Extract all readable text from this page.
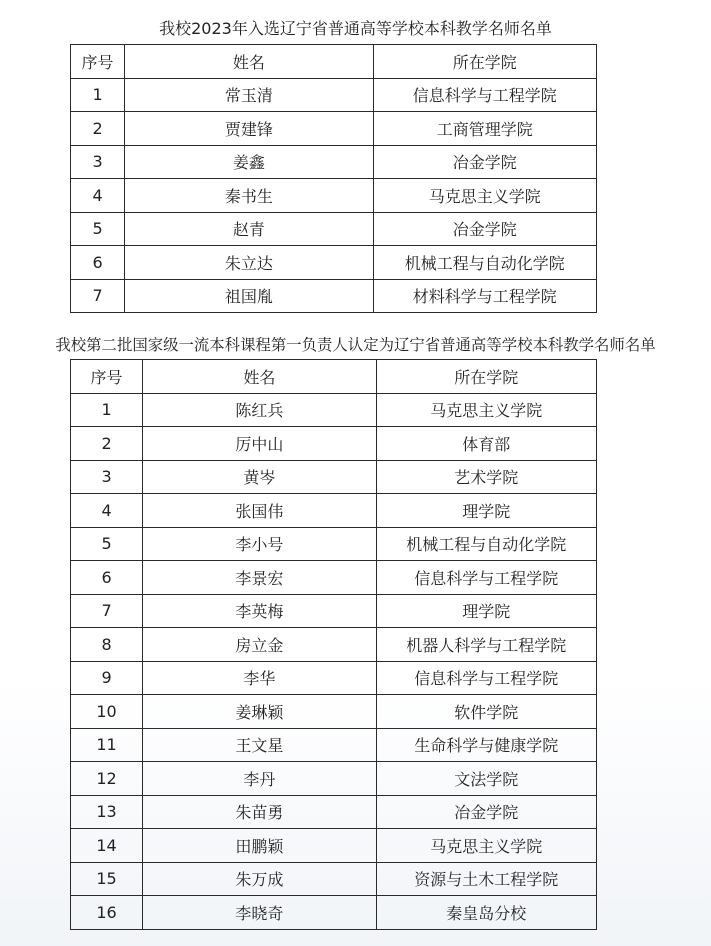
我校2023年入选辽宁省普通高等学校本科教学名师名单
序号	姓名	所在学院
1	常玉清	信息科学与工程学院
2	贾建锋	工商管理学院
3	姜鑫	冶金学院
4	秦书生	马克思主义学院
5	赵青	冶金学院
6	朱立达	机械工程与自动化学院
7	祖国胤	材料科学与工程学院
我校第二批国家级一流本科课程第一负责人认定为辽宁省普通高等学校本科教学名师名单
序号	姓名	所在学院
1	陈红兵	马克思主义学院
2	厉中山	体育部
3	黄岑	艺术学院
4	张国伟	理学院
5	李小号	机械工程与自动化学院
6	李景宏	信息科学与工程学院
7	李英梅	理学院
8	房立金	机器人科学与工程学院
9	李华	信息科学与工程学院
10	姜琳颖	软件学院
11	王文星	生命科学与健康学院
12	李丹	文法学院
13	朱苗勇	冶金学院
14	田鹏颖	马克思主义学院
15	朱万成	资源与土木工程学院
16	李晓奇	秦皇岛分校
